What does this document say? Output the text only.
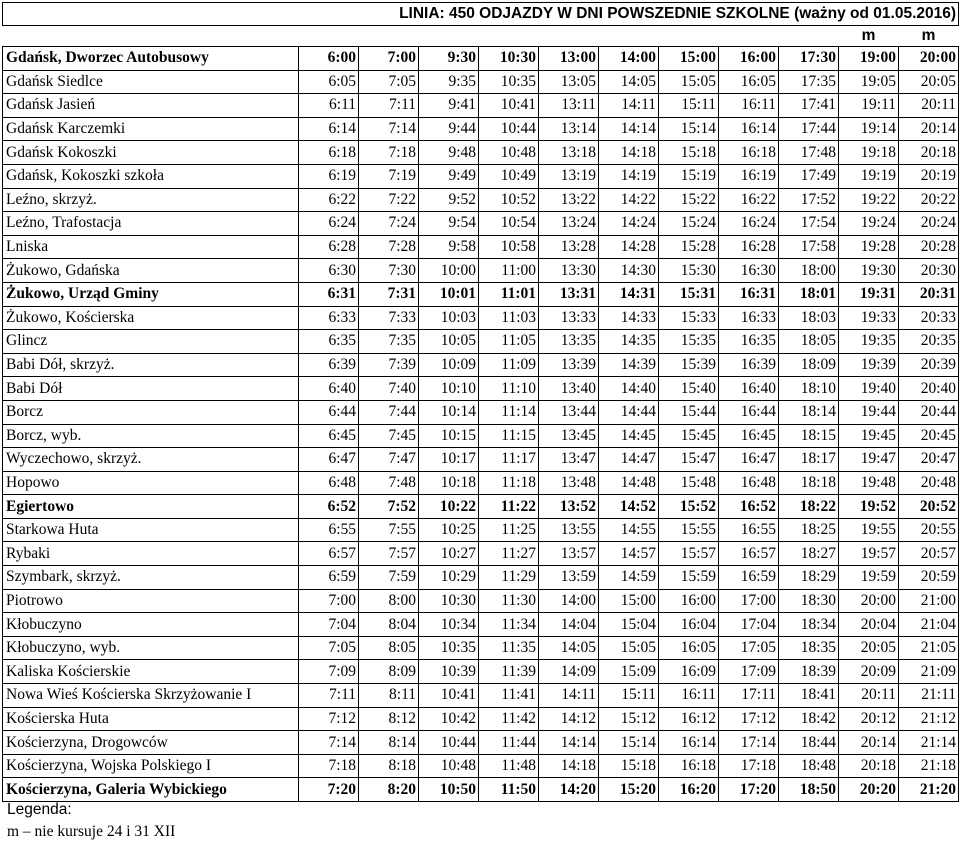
LINIA: 450 ODJAZDY W DNI POWSZEDNIE SZKOLNE (ważny od 01.05.2016)											
										m	m
Gdańsk, Dworzec Autobusowy	6:00	7:00	9:30	10:30	13:00	14:00	15:00	16:00	17:30	19:00	20:00
Gdańsk Siedlce	6:05	7:05	9:35	10:35	13:05	14:05	15:05	16:05	17:35	19:05	20:05
Gdańsk Jasień	6:11	7:11	9:41	10:41	13:11	14:11	15:11	16:11	17:41	19:11	20:11
Gdańsk Karczemki	6:14	7:14	9:44	10:44	13:14	14:14	15:14	16:14	17:44	19:14	20:14
Gdańsk Kokoszki	6:18	7:18	9:48	10:48	13:18	14:18	15:18	16:18	17:48	19:18	20:18
Gdańsk, Kokoszki szkoła	6:19	7:19	9:49	10:49	13:19	14:19	15:19	16:19	17:49	19:19	20:19
Leźno, skrzyż.	6:22	7:22	9:52	10:52	13:22	14:22	15:22	16:22	17:52	19:22	20:22
Leźno, Trafostacja	6:24	7:24	9:54	10:54	13:24	14:24	15:24	16:24	17:54	19:24	20:24
Lniska	6:28	7:28	9:58	10:58	13:28	14:28	15:28	16:28	17:58	19:28	20:28
Żukowo, Gdańska	6:30	7:30	10:00	11:00	13:30	14:30	15:30	16:30	18:00	19:30	20:30
Żukowo, Urząd Gminy	6:31	7:31	10:01	11:01	13:31	14:31	15:31	16:31	18:01	19:31	20:31
Żukowo, Kościerska	6:33	7:33	10:03	11:03	13:33	14:33	15:33	16:33	18:03	19:33	20:33
Glincz	6:35	7:35	10:05	11:05	13:35	14:35	15:35	16:35	18:05	19:35	20:35
Babi Dół, skrzyż.	6:39	7:39	10:09	11:09	13:39	14:39	15:39	16:39	18:09	19:39	20:39
Babi Dół	6:40	7:40	10:10	11:10	13:40	14:40	15:40	16:40	18:10	19:40	20:40
Borcz	6:44	7:44	10:14	11:14	13:44	14:44	15:44	16:44	18:14	19:44	20:44
Borcz, wyb.	6:45	7:45	10:15	11:15	13:45	14:45	15:45	16:45	18:15	19:45	20:45
Wyczechowo, skrzyż.	6:47	7:47	10:17	11:17	13:47	14:47	15:47	16:47	18:17	19:47	20:47
Hopowo	6:48	7:48	10:18	11:18	13:48	14:48	15:48	16:48	18:18	19:48	20:48
Egiertowo	6:52	7:52	10:22	11:22	13:52	14:52	15:52	16:52	18:22	19:52	20:52
Starkowa Huta	6:55	7:55	10:25	11:25	13:55	14:55	15:55	16:55	18:25	19:55	20:55
Rybaki	6:57	7:57	10:27	11:27	13:57	14:57	15:57	16:57	18:27	19:57	20:57
Szymbark, skrzyż.	6:59	7:59	10:29	11:29	13:59	14:59	15:59	16:59	18:29	19:59	20:59
Piotrowo	7:00	8:00	10:30	11:30	14:00	15:00	16:00	17:00	18:30	20:00	21:00
Kłobuczyno	7:04	8:04	10:34	11:34	14:04	15:04	16:04	17:04	18:34	20:04	21:04
Kłobuczyno, wyb.	7:05	8:05	10:35	11:35	14:05	15:05	16:05	17:05	18:35	20:05	21:05
Kaliska Kościerskie	7:09	8:09	10:39	11:39	14:09	15:09	16:09	17:09	18:39	20:09	21:09
Nowa Wieś Kościerska Skrzyżowanie I	7:11	8:11	10:41	11:41	14:11	15:11	16:11	17:11	18:41	20:11	21:11
Kościerska Huta	7:12	8:12	10:42	11:42	14:12	15:12	16:12	17:12	18:42	20:12	21:12
Kościerzyna, Drogowców	7:14	8:14	10:44	11:44	14:14	15:14	16:14	17:14	18:44	20:14	21:14
Kościerzyna, Wojska Polskiego I	7:18	8:18	10:48	11:48	14:18	15:18	16:18	17:18	18:48	20:18	21:18
Kościerzyna, Galeria Wybickiego	7:20	8:20	10:50	11:50	14:20	15:20	16:20	17:20	18:50	20:20	21:20
Legenda:
m – nie kursuje 24 i 31 XII
